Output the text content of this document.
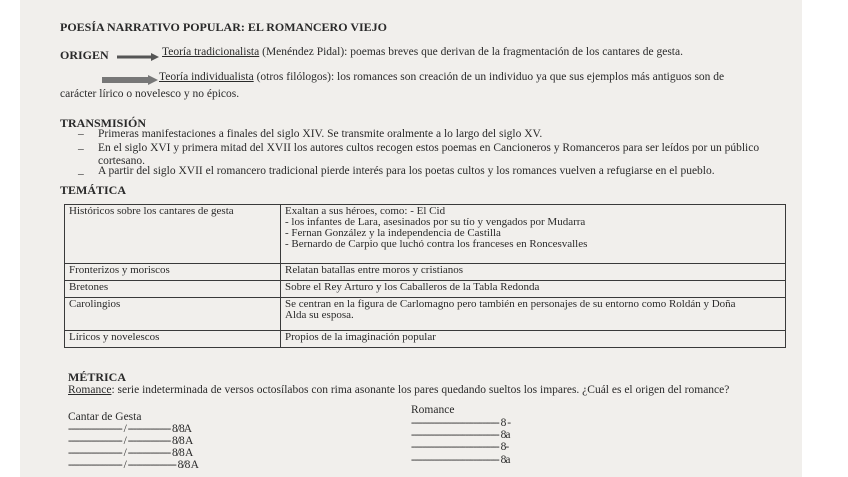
POESÍA NARRATIVO POPULAR: EL ROMANCERO VIEJO
ORIGEN	Teoría tradicionalista (Menéndez Pidal): poemas breves que derivan de la fragmentación de los cantares de gesta.
Teoría individualista (otros filólogos): los romances son creación de un individuo ya que sus ejemplos más antiguos son de
carácter lírico o novelesco y no épicos.
TRANSMISIÓN
– Primeras manifestaciones a finales del siglo XIV. Se transmite oralmente a lo largo del siglo XV.
– En el siglo XVI y primera mitad del XVII los autores cultos recogen estos poemas en Cancioneros y Romanceros para ser leídos por un público
cortesano.
– A partir del siglo XVII el romancero tradicional pierde interés para los poetas cultos y los romances vuelven a refugiarse en el pueblo.
TEMÁTICA
Históricos sobre los cantares de gesta	Exaltan a sus héroes, como: - El Cid
- los infantes de Lara, asesinados por su tío y vengados por Mudarra
- Fernan González y la independencia de Castilla
- Bernardo de Carpio que luchó contra los franceses en Roncesvalles

Fronterizos y moriscos	Relatan batallas entre moros y cristianos

Bretones	Sobre el Rey Arturo y los Caballeros de la Tabla Redonda

Carolingios	Se centran en la figura de Carlomagno pero también en personajes de su entorno como Roldán y Doña
Alda su esposa.

Líricos y novelescos	Propios de la imaginación popular
MÉTRICA
Romance: serie indeterminada de versos octosílabos con rima asonante los pares quedando sueltos los impares. ¿Cuál es el origen del romance?
Cantar de Gesta
------------------- / --------------- 8/8A
------------------- / --------------- 8/8 A
------------------- / --------------- 8/8 A
------------------- / ----------------- 8/8 A
Romance
------------------------------- 8 -
------------------------------- 8a
------------------------------- 8-
------------------------------- 8a
